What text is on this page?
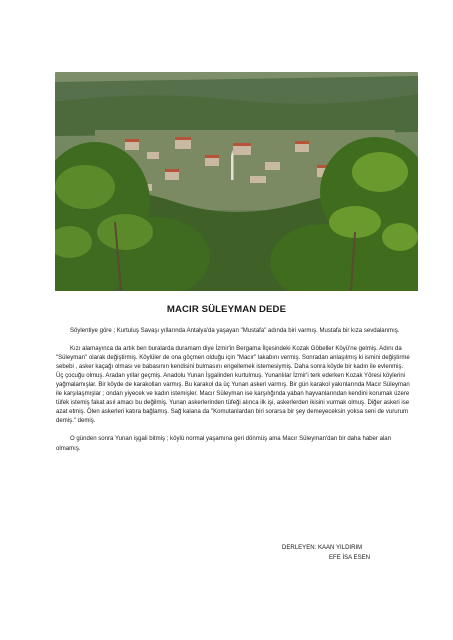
MACIR SÜLEYMAN DEDE

Söylentiye göre ; Kurtuluş Savaşı yıllarında Antalya'da yaşayan "Mustafa" adında biri varmış. Mustafa bir kıza sevdalanmış.

Kızı alamayınca da artık ben buralarda duramam diye İzmir'in Bergama İlçesindeki Kozak Göbeller Köyü'ne gelmiş. Adını da "Süleyman" olarak değiştirmiş. Köylüler de ona göçmen olduğu için "Macır" lakabını vermiş. Sonradan anlaşılmış ki ismini değiştirme sebebi , asker kaçağı olması ve babasının kendisini bulmasını engellemek istemesiymiş. Daha sonra köyde bir kadın ile evlenmiş. Üç çocuğu olmuş. Aradan yıllar geçmiş. Anadolu Yunan İşgalinden kurtulmuş. Yunanlılar İzmir'i terk ederken Kozak Yöresi köylerini yağmalamışlar. Bir köyde de karakolları varmış. Bu karakol da üç Yunan askeri varmış. Bir gün karakol yakınlarında Macır Süleyman ile karşılaşmışlar ; ondan yiyecek ve kadın istemişler. Macır Süleyman ise karşılığında yaban hayvanlarından kendini korumak üzere tüfek istemiş fakat asıl amacı bu değilmiş. Yunan askerlerinden tüfeği alınca ilk işi, askerlerden ikisini vurmak olmuş. Diğer askeri ise azat etmiş. Ölen askerleri katıra bağlamış. Sağ kalana da "Komutanlardan biri sorarsa bir şey demeyeceksin yoksa seni de vururum demiş." demiş.

O günden sonra Yunan işgali bitmiş ; köylü normal yaşamına geri dönmüş ama Macır Süleyman'dan bir daha haber alan olmamış.

DERLEYEN: KAAN YILDIRIM
EFE İSA ESEN
